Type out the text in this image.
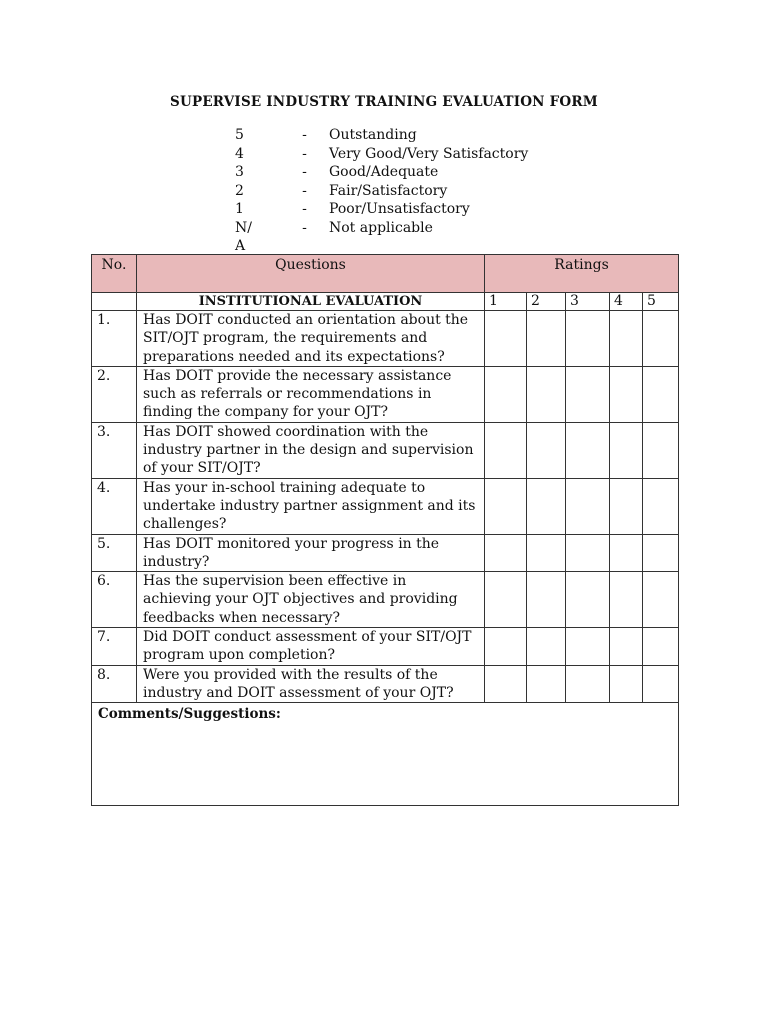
SUPERVISE INDUSTRY TRAINING EVALUATION FORM
5	-	Outstanding
4	-	Very Good/Very Satisfactory
3	-	Good/Adequate
2	-	Fair/Satisfactory
1	-	Poor/Unsatisfactory
N/	-	Not applicable
A
No.	Questions	Ratings				
	INSTITUTIONAL EVALUATION	1	2	3	4	5
1.	Has DOIT conducted an orientation about the SIT/OJT program, the requirements and preparations needed and its expectations?					
2.	Has DOIT provide the necessary assistance such as referrals or recommendations in finding the company for your OJT?					
3.	Has DOIT showed coordination with the industry partner in the design and supervision of your SIT/OJT?					
4.	Has your in-school training adequate to undertake industry partner assignment and its challenges?					
5.	Has DOIT monitored your progress in the industry?					
6.	Has the supervision been effective in achieving your OJT objectives and providing feedbacks when necessary?					
7.	Did DOIT conduct assessment of your SIT/OJT program upon completion?					
8.	Were you provided with the results of the industry and DOIT assessment of your OJT?					
Comments/Suggestions:						
